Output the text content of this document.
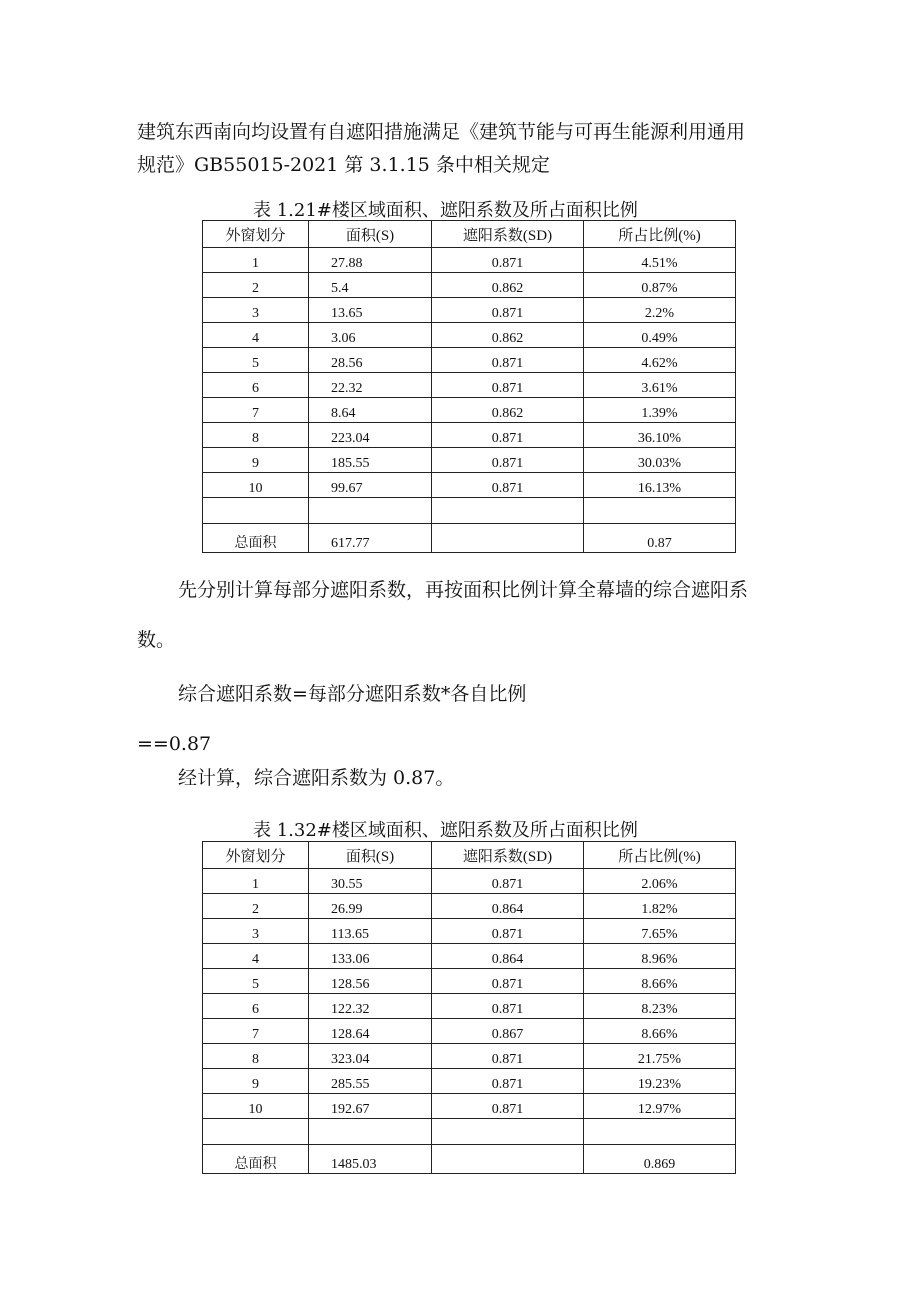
建筑东西南向均设置有自遮阳措施满足《建筑节能与可再生能源利用通用
规范》GB55015-2021 第 3.1.15 条中相关规定
表 1.21#楼区域面积、遮阳系数及所占面积比例
外窗划分	面积(S)	遮阳系数(SD)	所占比例(%)
1	27.88	0.871	4.51%
2	5.4	0.862	0.87%
3	13.65	0.871	2.2%
4	3.06	0.862	0.49%
5	28.56	0.871	4.62%
6	22.32	0.871	3.61%
7	8.64	0.862	1.39%
8	223.04	0.871	36.10%
9	185.55	0.871	30.03%
10	99.67	0.871	16.13%

总面积	617.77		0.87
先分别计算每部分遮阳系数，再按面积比例计算全幕墙的综合遮阳系
数。
综合遮阳系数=每部分遮阳系数*各自比例
==0.87
经计算，综合遮阳系数为 0.87。
表 1.32#楼区域面积、遮阳系数及所占面积比例
外窗划分	面积(S)	遮阳系数(SD)	所占比例(%)
1	30.55	0.871	2.06%
2	26.99	0.864	1.82%
3	113.65	0.871	7.65%
4	133.06	0.864	8.96%
5	128.56	0.871	8.66%
6	122.32	0.871	8.23%
7	128.64	0.867	8.66%
8	323.04	0.871	21.75%
9	285.55	0.871	19.23%
10	192.67	0.871	12.97%

总面积	1485.03		0.869
